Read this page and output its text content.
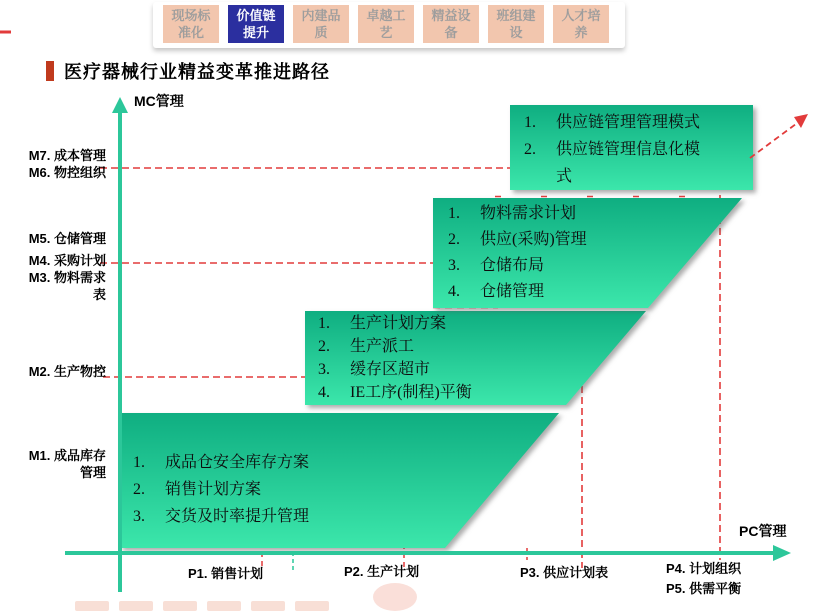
现场标
准化
价值链
提升
内建品
质
卓越工
艺
精益设
备
班组建
设
人才培
养
医疗器械行业精益变革推进路径
MC管理
PC管理
M7. 成本管理
M6. 物控组织
M5. 仓储管理
M4. 采购计划
M3. 物料需求
表
M2. 生产物控
M1. 成品库存
管理
P1. 销售计划	P2. 生产计划	P3. 供应计划表	P4. 计划组织
P5. 供需平衡
1.	成品仓安全库存方案
2.	销售计划方案
3.	交货及时率提升管理
1.	生产计划方案
2.	生产派工
3.	缓存区超市
4.	IE工序(制程)平衡
1.	物料需求计划
2.	供应(采购)管理
3.	仓储布局
4.	仓储管理
1.	供应链管理管理模式
2.	供应链管理信息化模式
